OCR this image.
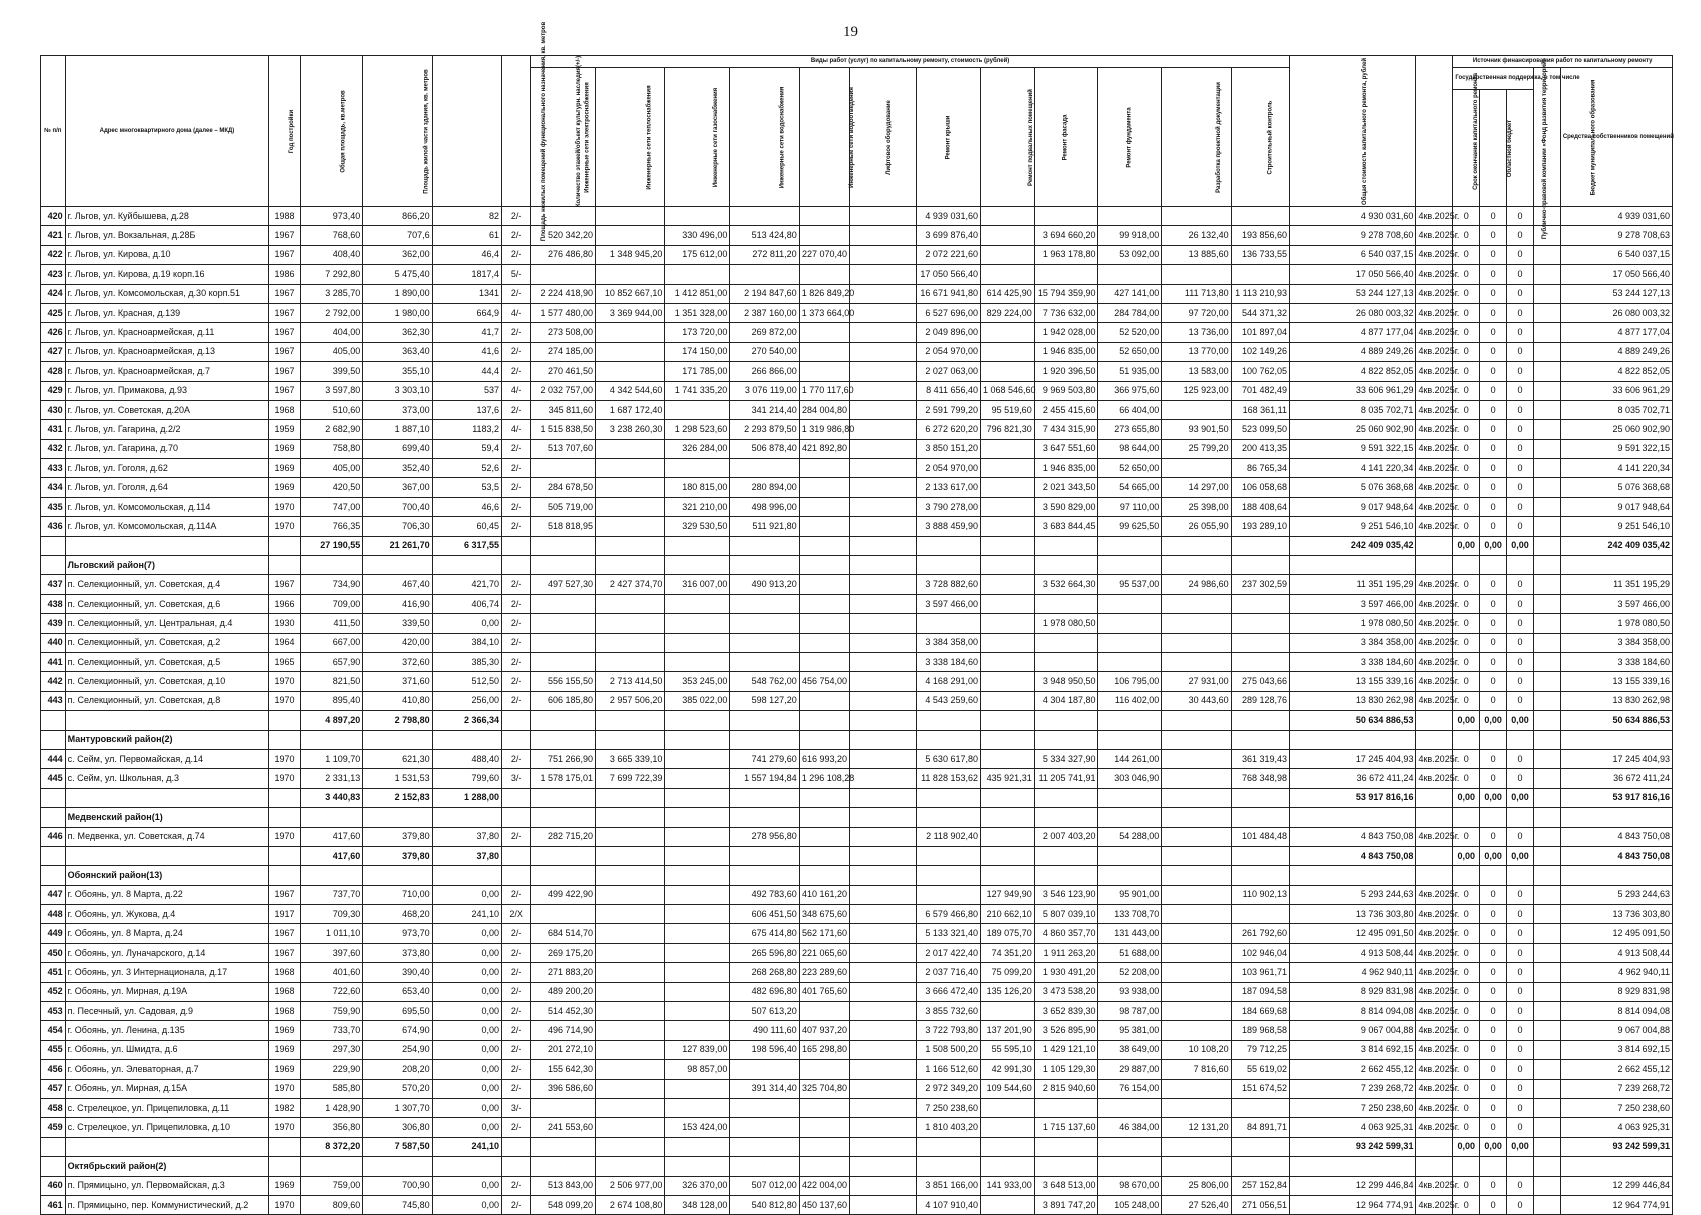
19
№ п/п	Адрес многоквартирного дома (далее – МКД)	Год постройки	Общая площадь, кв.метров	Площадь жилой части здания, кв. метров	Площадь нежилых помещений функционального назначения, кв. метров	Количество этажей/объект культурн. наследия(+/-)	Виды работ (услуг) по капитальному ремонту, стоимость (рублей)												Общая стоимость капитального ремонта, рублей	Срок окончания капитального ремонта	Источник финансирования работ по капитальному ремонту				
							Инженерные сети электроснабжения	Инженерные сети теплоснабжения	Инженерные сети газоснабжения	Инженерные сети водоснабжения	Инженерные сети водоотведения	Лифтовое оборудование	Ремонт крыши	Ремонт подвальных помещений	Ремонт фасада	Ремонт фундамента	Разработка проектной документации	Строительный контроль			Государственная поддержка, в том числе			Бюджет муниципального образования	Средства собственников помещений
																					Публично-правовой компании «Фонд развития территорий»	Областной бюджет			
420	г. Льгов, ул. Куйбышева, д.28	1988	973,40	866,20	82	2/-							4 939 031,60						4 930 031,60	4кв.2025г.	0	0	0		4 939 031,60
421	г. Льгов, ул. Вокзальная, д.28Б	1967	768,60	707,6	61	2/-	520 342,20		330 496,00	513 424,80			3 699 876,40		3 694 660,20	99 918,00	26 132,40	193 856,60	9 278 708,60	4кв.2025г.	0	0	0		9 278 708,63
422	г. Льгов, ул. Кирова, д.10	1967	408,40	362,00	46,4	2/-	276 486,80	1 348 945,20	175 612,00	272 811,20	227 070,40		2 072 221,60		1 963 178,80	53 092,00	13 885,60	136 733,55	6 540 037,15	4кв.2025г.	0	0	0		6 540 037,15
423	г. Льгов, ул. Кирова, д.19 корп.16	1986	7 292,80	5 475,40	1817,4	5/-							17 050 566,40						17 050 566,40	4кв.2025г.	0	0	0		17 050 566,40
424	г. Льгов, ул. Комсомольская, д.30 корп.51	1967	3 285,70	1 890,00	1341	2/-	2 224 418,90	10 852 667,10	1 412 851,00	2 194 847,60	1 826 849,20		16 671 941,80	614 425,90	15 794 359,90	427 141,00	111 713,80	1 113 210,93	53 244 127,13	4кв.2025г.	0	0	0		53 244 127,13
425	г. Льгов, ул. Красная, д.139	1967	2 792,00	1 980,00	664,9	4/-	1 577 480,00	3 369 944,00	1 351 328,00	2 387 160,00	1 373 664,00		6 527 696,00	829 224,00	7 736 632,00	284 784,00	97 720,00	544 371,32	26 080 003,32	4кв.2025г.	0	0	0		26 080 003,32
426	г. Льгов, ул. Красноармейская, д.11	1967	404,00	362,30	41,7	2/-	273 508,00		173 720,00	269 872,00			2 049 896,00		1 942 028,00	52 520,00	13 736,00	101 897,04	4 877 177,04	4кв.2025г.	0	0	0		4 877 177,04
427	г. Льгов, ул. Красноармейская, д.13	1967	405,00	363,40	41,6	2/-	274 185,00		174 150,00	270 540,00			2 054 970,00		1 946 835,00	52 650,00	13 770,00	102 149,26	4 889 249,26	4кв.2025г.	0	0	0		4 889 249,26
428	г. Льгов, ул. Красноармейская, д.7	1967	399,50	355,10	44,4	2/-	270 461,50		171 785,00	266 866,00			2 027 063,00		1 920 396,50	51 935,00	13 583,00	100 762,05	4 822 852,05	4кв.2025г.	0	0	0		4 822 852,05
429	г. Льгов, ул. Примакова, д.93	1967	3 597,80	3 303,10	537	4/-	2 032 757,00	4 342 544,60	1 741 335,20	3 076 119,00	1 770 117,60		8 411 656,40	1 068 546,60	9 969 503,80	366 975,60	125 923,00	701 482,49	33 606 961,29	4кв.2025г.	0	0	0		33 606 961,29
430	г. Льгов, ул. Советская, д.20А	1968	510,60	373,00	137,6	2/-	345 811,60	1 687 172,40		341 214,40	284 004,80		2 591 799,20	95 519,60	2 455 415,60	66 404,00		168 361,11	8 035 702,71	4кв.2025г.	0	0	0		8 035 702,71
431	г. Льгов, ул. Гагарина, д.2/2	1959	2 682,90	1 887,10	1183,2	4/-	1 515 838,50	3 238 260,30	1 298 523,60	2 293 879,50	1 319 986,80		6 272 620,20	796 821,30	7 434 315,90	273 655,80	93 901,50	523 099,50	25 060 902,90	4кв.2025г.	0	0	0		25 060 902,90
432	г. Льгов, ул. Гагарина, д.70	1969	758,80	699,40	59,4	2/-	513 707,60		326 284,00	506 878,40	421 892,80		3 850 151,20		3 647 551,60	98 644,00	25 799,20	200 413,35	9 591 322,15	4кв.2025г.	0	0	0		9 591 322,15
433	г. Льгов, ул. Гоголя, д.62	1969	405,00	352,40	52,6	2/-							2 054 970,00		1 946 835,00	52 650,00		86 765,34	4 141 220,34	4кв.2025г.	0	0	0		4 141 220,34
434	г. Льгов, ул. Гоголя, д.64	1969	420,50	367,00	53,5	2/-	284 678,50		180 815,00	280 894,00			2 133 617,00		2 021 343,50	54 665,00	14 297,00	106 058,68	5 076 368,68	4кв.2025г.	0	0	0		5 076 368,68
435	г. Льгов, ул. Комсомольская, д.114	1970	747,00	700,40	46,6	2/-	505 719,00		321 210,00	498 996,00			3 790 278,00		3 590 829,00	97 110,00	25 398,00	188 408,64	9 017 948,64	4кв.2025г.	0	0	0		9 017 948,64
436	г. Льгов, ул. Комсомольская, д.114А	1970	766,35	706,30	60,45	2/-	518 818,95		329 530,50	511 921,80			3 888 459,90		3 683 844,45	99 625,50	26 055,90	193 289,10	9 251 546,10	4кв.2025г.	0	0	0		9 251 546,10
			27 190,55	21 261,70	6 317,55														242 409 035,42		0,00	0,00	0,00		242 409 035,42
	Льговский район(7)																								
437	п. Селекционный, ул. Советская, д.4	1967	734,90	467,40	421,70	2/-	497 527,30	2 427 374,70	316 007,00	490 913,20			3 728 882,60		3 532 664,30	95 537,00	24 986,60	237 302,59	11 351 195,29	4кв.2025г.	0	0	0		11 351 195,29
438	п. Селекционный, ул. Советская, д.6	1966	709,00	416,90	406,74	2/-							3 597 466,00						3 597 466,00	4кв.2025г.	0	0	0		3 597 466,00
439	п. Селекционный, ул. Центральная, д.4	1930	411,50	339,50	0,00	2/-									1 978 080,50				1 978 080,50	4кв.2025г.	0	0	0		1 978 080,50
440	п. Селекционный, ул. Советская, д.2	1964	667,00	420,00	384,10	2/-							3 384 358,00						3 384 358,00	4кв.2025г.	0	0	0		3 384 358,00
441	п. Селекционный, ул. Советская, д.5	1965	657,90	372,60	385,30	2/-							3 338 184,60						3 338 184,60	4кв.2025г.	0	0	0		3 338 184,60
442	п. Селекционный, ул. Советская, д.10	1970	821,50	371,60	512,50	2/-	556 155,50	2 713 414,50	353 245,00	548 762,00	456 754,00		4 168 291,00		3 948 950,50	106 795,00	27 931,00	275 043,66	13 155 339,16	4кв.2025г.	0	0	0		13 155 339,16
443	п. Селекционный, ул. Советская, д.8	1970	895,40	410,80	256,00	2/-	606 185,80	2 957 506,20	385 022,00	598 127,20			4 543 259,60		4 304 187,80	116 402,00	30 443,60	289 128,76	13 830 262,98	4кв.2025г.	0	0	0		13 830 262,98
			4 897,20	2 798,80	2 366,34														50 634 886,53		0,00	0,00	0,00		50 634 886,53
	Мантуровский район(2)																								
444	с. Сейм, ул. Первомайская, д.14	1970	1 109,70	621,30	488,40	2/-	751 266,90	3 665 339,10		741 279,60	616 993,20		5 630 617,80		5 334 327,90	144 261,00		361 319,43	17 245 404,93	4кв.2025г.	0	0	0		17 245 404,93
445	с. Сейм, ул. Школьная, д.3	1970	2 331,13	1 531,53	799,60	3/-	1 578 175,01	7 699 722,39		1 557 194,84	1 296 108,28		11 828 153,62	435 921,31	11 205 741,91	303 046,90		768 348,98	36 672 411,24	4кв.2025г.	0	0	0		36 672 411,24
			3 440,83	2 152,83	1 288,00														53 917 816,16		0,00	0,00	0,00		53 917 816,16
	Медвенский район(1)																								
446	п. Медвенка, ул. Советская, д.74	1970	417,60	379,80	37,80	2/-	282 715,20			278 956,80			2 118 902,40		2 007 403,20	54 288,00		101 484,48	4 843 750,08	4кв.2025г.	0	0	0		4 843 750,08
			417,60	379,80	37,80														4 843 750,08		0,00	0,00	0,00		4 843 750,08
	Обоянский район(13)																								
447	г. Обоянь, ул. 8 Марта, д.22	1967	737,70	710,00	0,00	2/-	499 422,90			492 783,60	410 161,20			127 949,90	3 546 123,90	95 901,00		110 902,13	5 293 244,63	4кв.2025г.	0	0	0		5 293 244,63
448	г. Обоянь, ул. Жукова, д.4	1917	709,30	468,20	241,10	2/Х				606 451,50	348 675,60		6 579 466,80	210 662,10	5 807 039,10	133 708,70			13 736 303,80	4кв.2025г.	0	0	0		13 736 303,80
449	г. Обоянь, ул. 8 Марта, д.24	1967	1 011,10	973,70	0,00	2/-	684 514,70			675 414,80	562 171,60		5 133 321,40	189 075,70	4 860 357,70	131 443,00		261 792,60	12 495 091,50	4кв.2025г.	0	0	0		12 495 091,50
450	г. Обоянь, ул. Луначарского, д.14	1967	397,60	373,80	0,00	2/-	269 175,20			265 596,80	221 065,60		2 017 422,40	74 351,20	1 911 263,20	51 688,00		102 946,04	4 913 508,44	4кв.2025г.	0	0	0		4 913 508,44
451	г. Обоянь, ул. 3 Интернационала, д.17	1968	401,60	390,40	0,00	2/-	271 883,20			268 268,80	223 289,60		2 037 716,40	75 099,20	1 930 491,20	52 208,00		103 961,71	4 962 940,11	4кв.2025г.	0	0	0		4 962 940,11
452	г. Обоянь, ул. Мирная, д.19А	1968	722,60	653,40	0,00	2/-	489 200,20			482 696,80	401 765,60		3 666 472,40	135 126,20	3 473 538,20	93 938,00		187 094,58	8 929 831,98	4кв.2025г.	0	0	0		8 929 831,98
453	п. Песечный, ул. Садовая, д.9	1968	759,90	695,50	0,00	2/-	514 452,30			507 613,20			3 855 732,60		3 652 839,30	98 787,00		184 669,68	8 814 094,08	4кв.2025г.	0	0	0		8 814 094,08
454	г. Обоянь, ул. Ленина, д.135	1969	733,70	674,90	0,00	2/-	496 714,90			490 111,60	407 937,20		3 722 793,80	137 201,90	3 526 895,90	95 381,00		189 968,58	9 067 004,88	4кв.2025г.	0	0	0		9 067 004,88
455	г. Обоянь, ул. Шмидта, д.6	1969	297,30	254,90	0,00	2/-	201 272,10		127 839,00	198 596,40	165 298,80		1 508 500,20	55 595,10	1 429 121,10	38 649,00	10 108,20	79 712,25	3 814 692,15	4кв.2025г.	0	0	0		3 814 692,15
456	г. Обоянь, ул. Элеваторная, д.7	1969	229,90	208,20	0,00	2/-	155 642,30		98 857,00				1 166 512,60	42 991,30	1 105 129,30	29 887,00	7 816,60	55 619,02	2 662 455,12	4кв.2025г.	0	0	0		2 662 455,12
457	г. Обоянь, ул. Мирная, д.15А	1970	585,80	570,20	0,00	2/-	396 586,60			391 314,40	325 704,80		2 972 349,20	109 544,60	2 815 940,60	76 154,00		151 674,52	7 239 268,72	4кв.2025г.	0	0	0		7 239 268,72
458	с. Стрелецкое, ул. Прицепиловка, д.11	1982	1 428,90	1 307,70	0,00	3/-							7 250 238,60						7 250 238,60	4кв.2025г.	0	0	0		7 250 238,60
459	с. Стрелецкое, ул. Прицепиловка, д.10	1970	356,80	306,80	0,00	2/-	241 553,60		153 424,00				1 810 403,20		1 715 137,60	46 384,00	12 131,20	84 891,71	4 063 925,31	4кв.2025г.	0	0	0		4 063 925,31
			8 372,20	7 587,50	241,10														93 242 599,31		0,00	0,00	0,00		93 242 599,31
	Октябрьский район(2)																								
460	п. Прямицыно, ул. Первомайская, д.3	1969	759,00	700,90	0,00	2/-	513 843,00	2 506 977,00	326 370,00	507 012,00	422 004,00		3 851 166,00	141 933,00	3 648 513,00	98 670,00	25 806,00	257 152,84	12 299 446,84	4кв.2025г.	0	0	0		12 299 446,84
461	п. Прямицыно, пер. Коммунистический, д.2	1970	809,60	745,80	0,00	2/-	548 099,20	2 674 108,80	348 128,00	540 812,80	450 137,60		4 107 910,40		3 891 747,20	105 248,00	27 526,40	271 056,51	12 964 774,91	4кв.2025г.	0	0	0		12 964 774,91
